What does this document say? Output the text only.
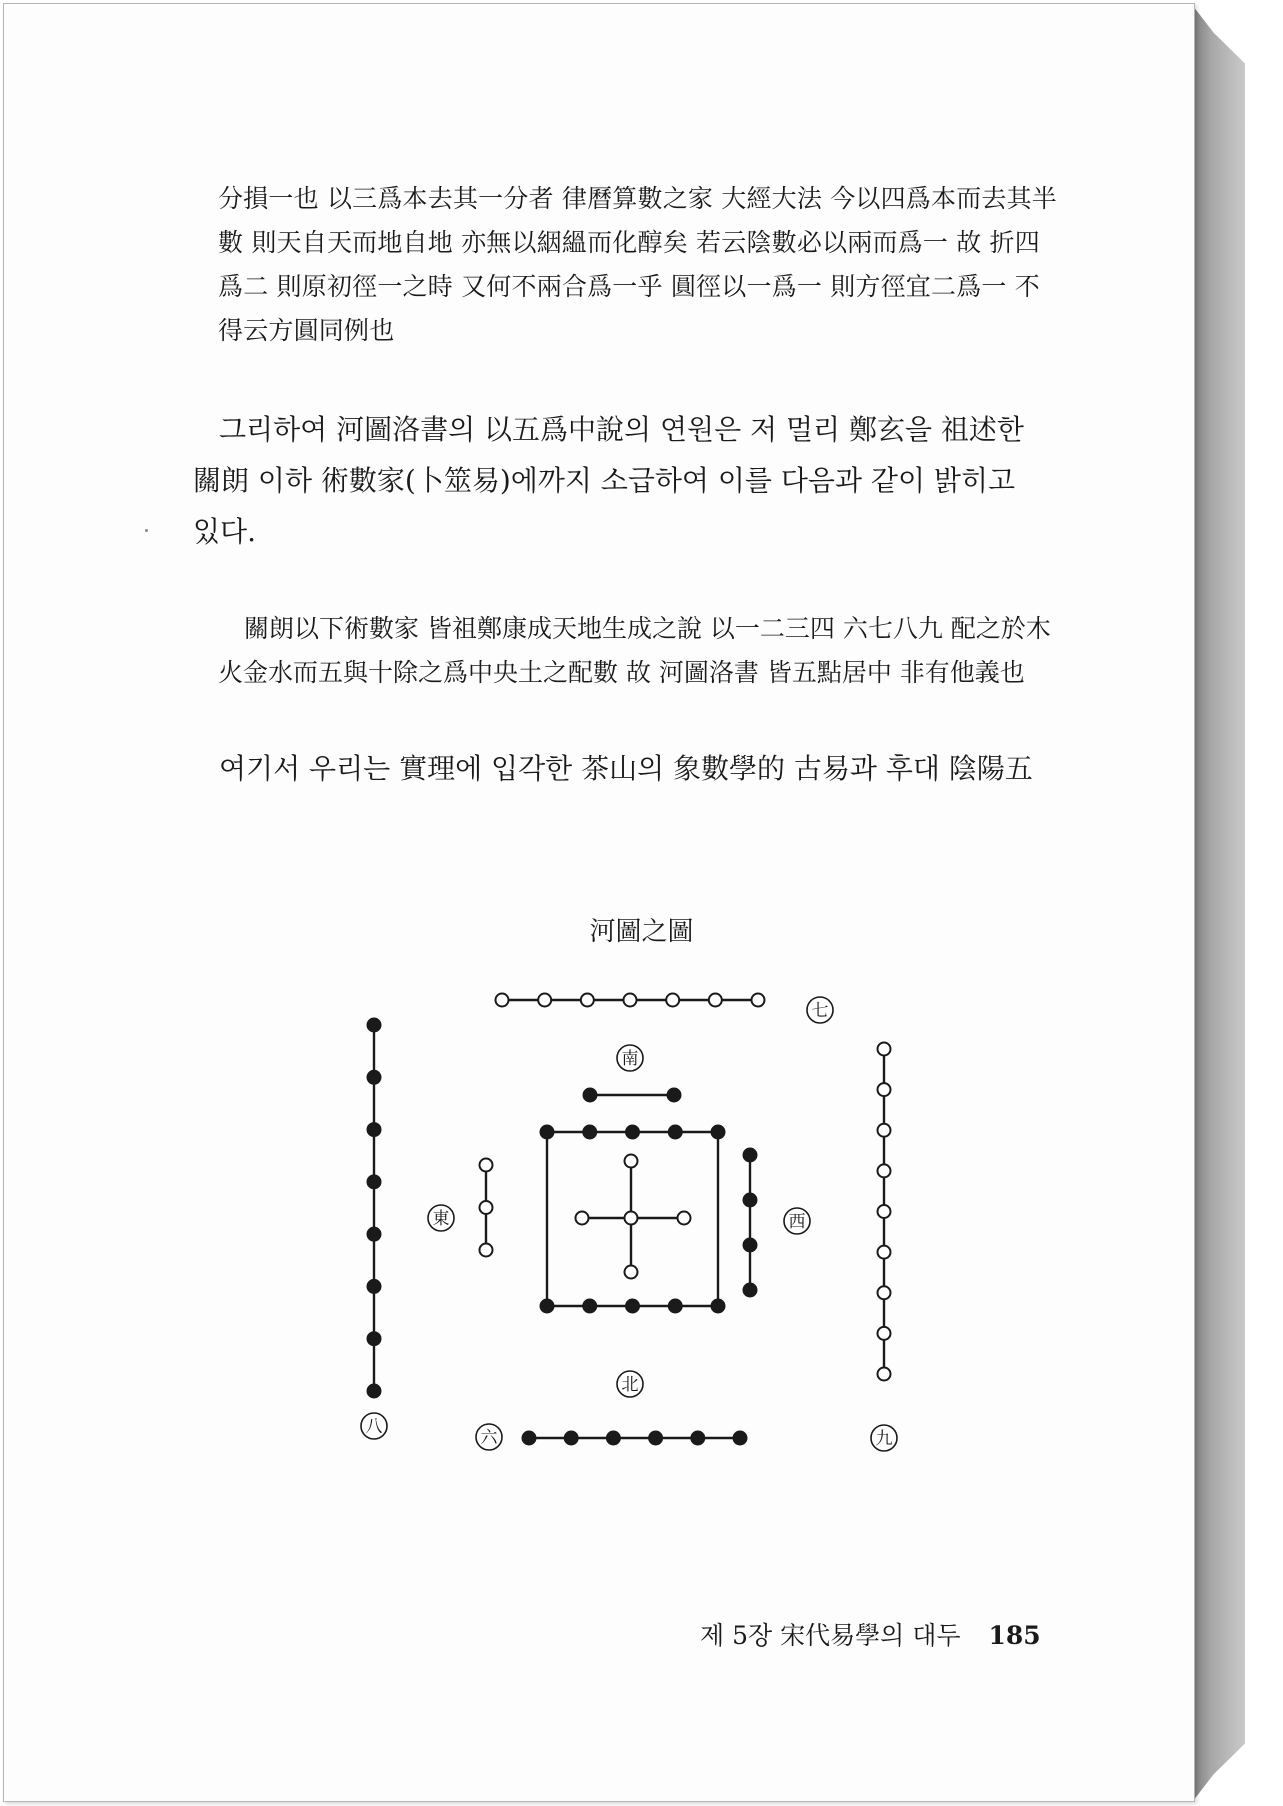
分損一也 以三爲本去其一分者 律曆算數之家 大經大法 今以四爲本而去其半
數 則天自天而地自地 亦無以絪縕而化醇矣 若云陰數必以兩而爲一 故 折四
爲二 則原初徑一之時 又何不兩合爲一乎 圓徑以一爲一 則方徑宜二爲一 不
得云方圓同例也
그리하여 河圖洛書의 以五爲中說의 연원은 저 멀리 鄭玄을 祖述한
關朗 이하 術數家(卜筮易)에까지 소급하여 이를 다음과 같이 밝히고
있다.
關朗以下術數家 皆祖鄭康成天地生成之說 以一二三四 六七八九 配之於木
火金水而五與十除之爲中央土之配數 故 河圖洛書 皆五點居中 非有他義也
여기서 우리는 實理에 입각한 茶山의 象數學的 古易과 후대 陰陽五
河圖之圖
南
北
東	西
七
八
六	九
제 5장 宋代易學의 대두 185
